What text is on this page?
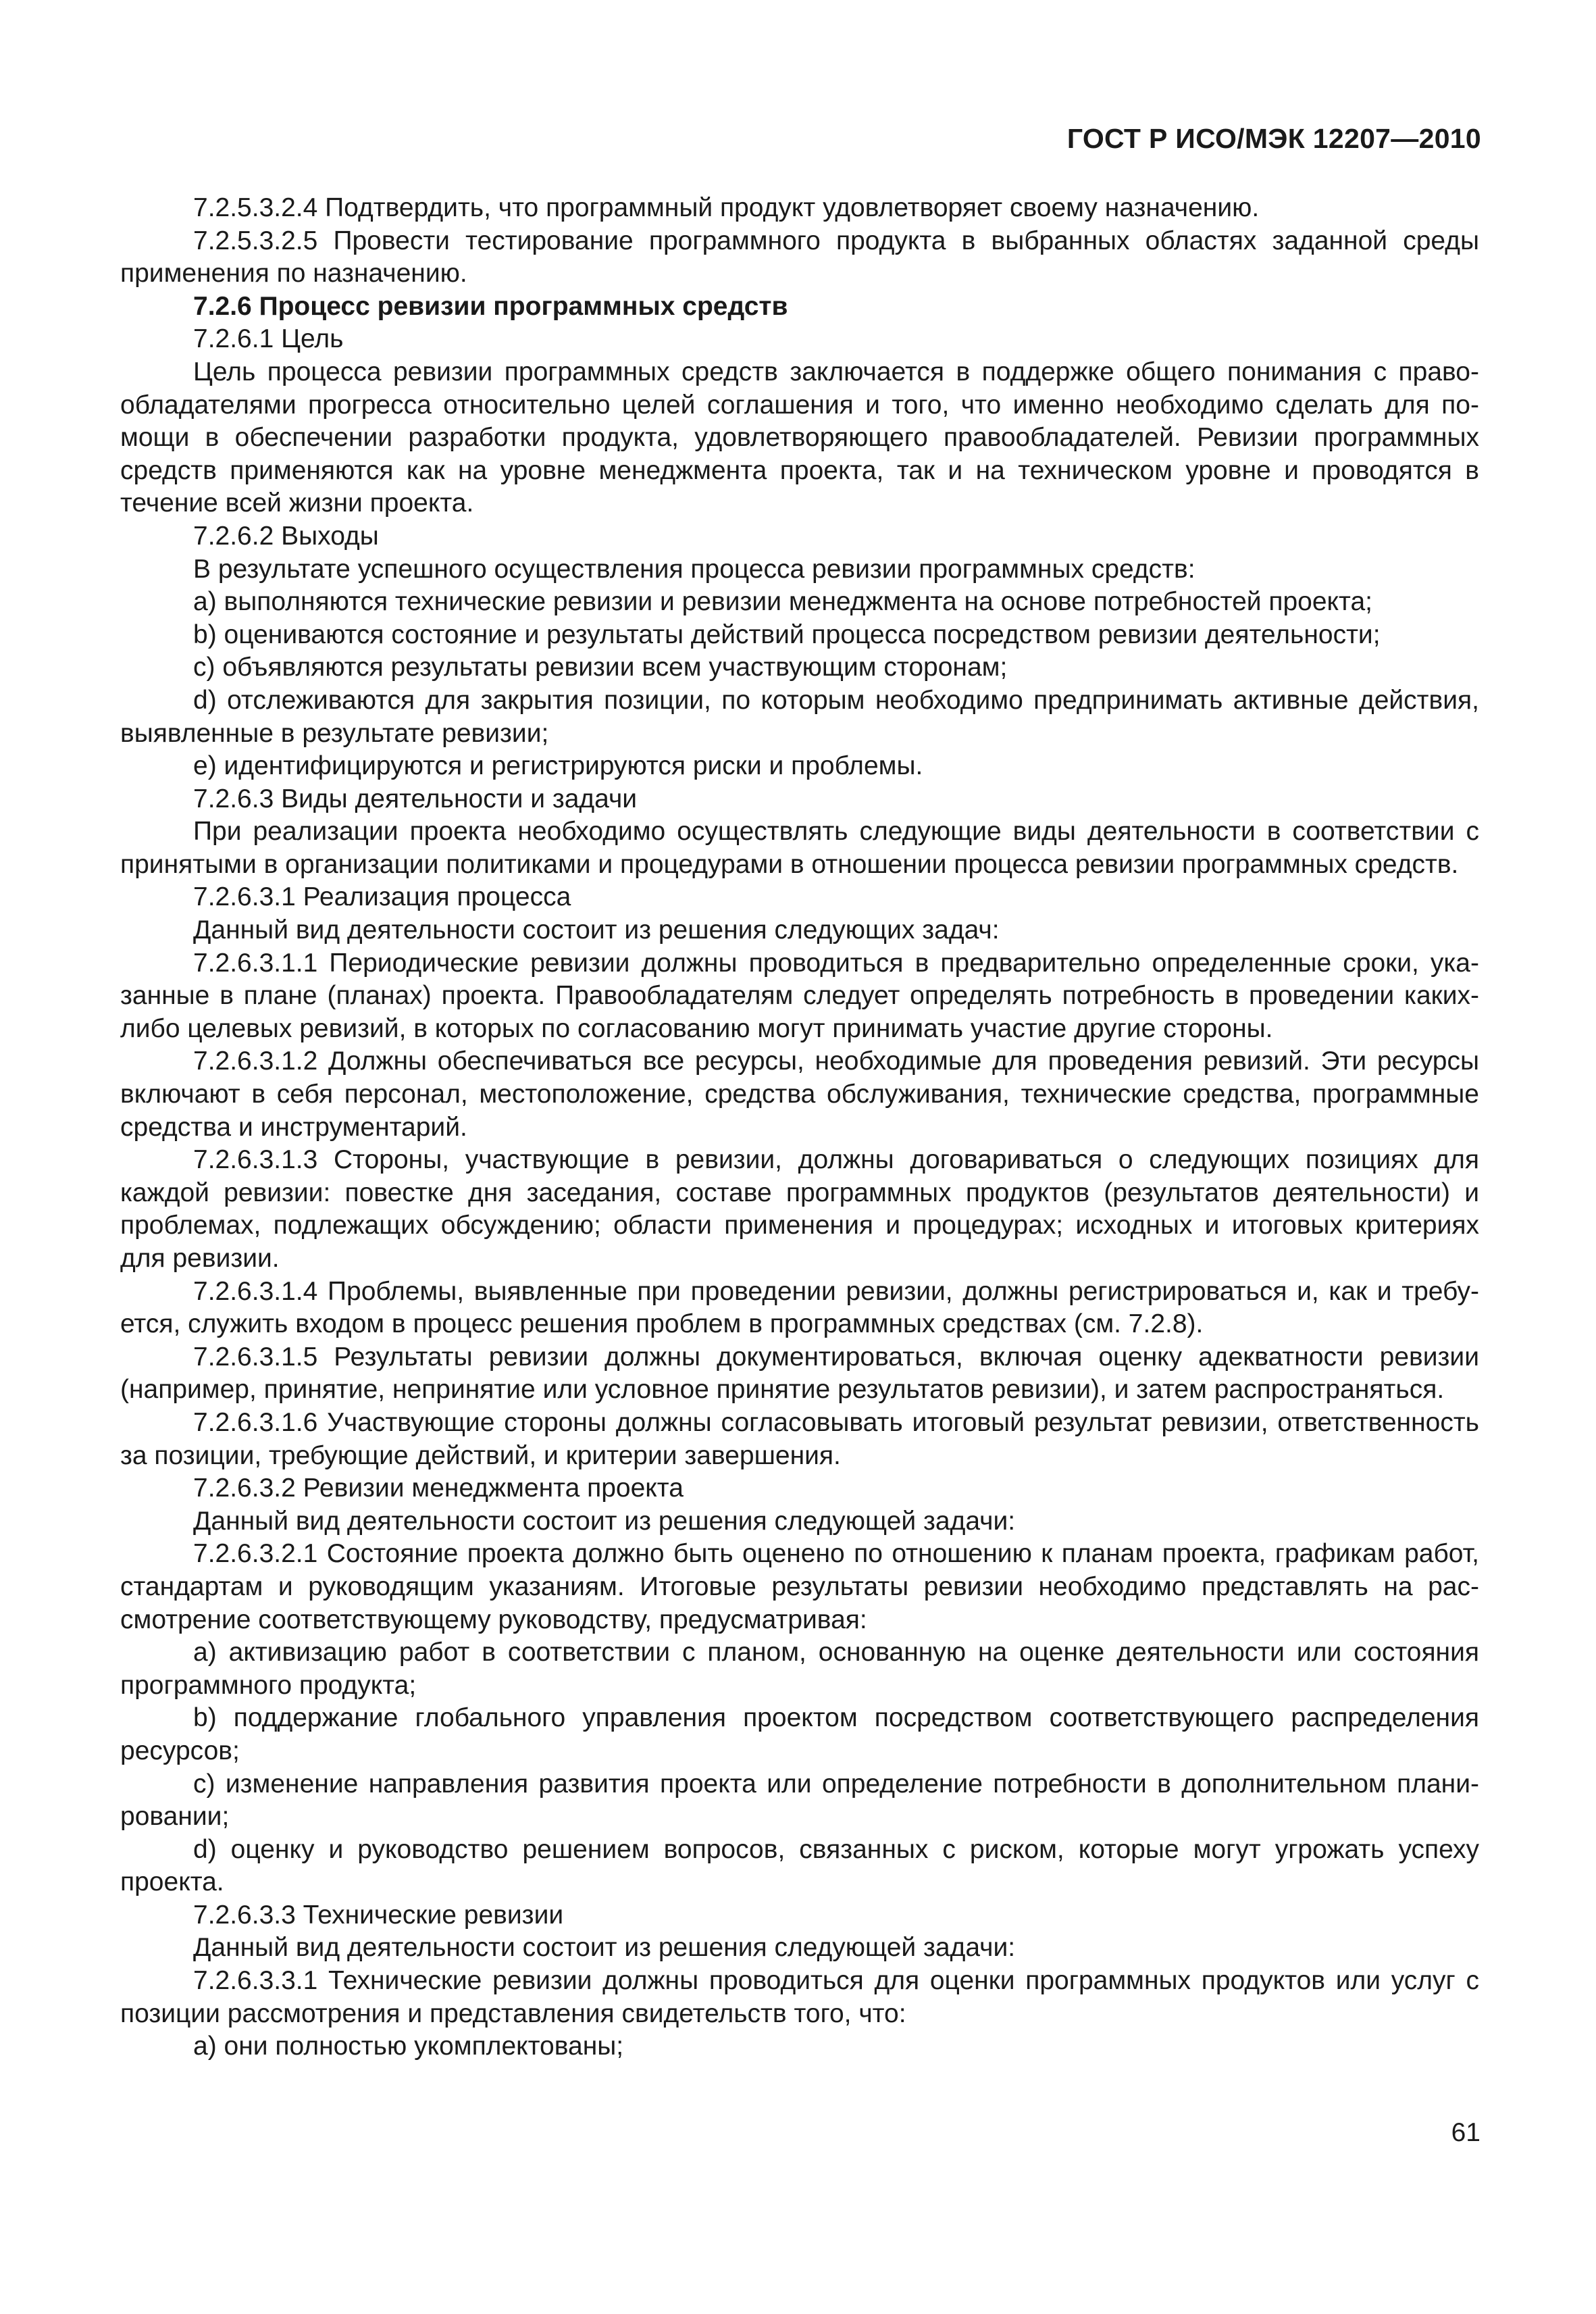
ГОСТ Р ИСО/МЭК 12207—2010

7.2.5.3.2.4 Подтвердить, что программный продукт удовлетворяет своему назначению.

7.2.5.3.2.5 Провести тестирование программного продукта в выбранных областях заданной среды применения по назначению.

7.2.6 Процесс ревизии программных средств

7.2.6.1 Цель

Цель процесса ревизии программных средств заключается в поддержке общего понимания с правообладателями прогресса относительно целей соглашения и того, что именно необходимо сделать для помощи в обеспечении разработки продукта, удовлетворяющего правообладателей. Ревизии программных средств применяются как на уровне менеджмента проекта, так и на техническом уровне и проводятся в течение всей жизни проекта.

7.2.6.2 Выходы

В результате успешного осуществления процесса ревизии программных средств:

a) выполняются технические ревизии и ревизии менеджмента на основе потребностей проекта;

b) оцениваются состояние и результаты действий процесса посредством ревизии деятельности;

c) объявляются результаты ревизии всем участвующим сторонам;

d) отслеживаются для закрытия позиции, по которым необходимо предпринимать активные действия, выявленные в результате ревизии;

e) идентифицируются и регистрируются риски и проблемы.

7.2.6.3 Виды деятельности и задачи

При реализации проекта необходимо осуществлять следующие виды деятельности в соответствии с принятыми в организации политиками и процедурами в отношении процесса ревизии программных средств.

7.2.6.3.1 Реализация процесса

Данный вид деятельности состоит из решения следующих задач:

7.2.6.3.1.1 Периодические ревизии должны проводиться в предварительно определенные сроки, указанные в плане (планах) проекта. Правообладателям следует определять потребность в проведении каких-либо целевых ревизий, в которых по согласованию могут принимать участие другие стороны.

7.2.6.3.1.2 Должны обеспечиваться все ресурсы, необходимые для проведения ревизий. Эти ресурсы включают в себя персонал, местоположение, средства обслуживания, технические средства, программные средства и инструментарий.

7.2.6.3.1.3 Стороны, участвующие в ревизии, должны договариваться о следующих позициях для каждой ревизии: повестке дня заседания, составе программных продуктов (результатов деятельности) и проблемах, подлежащих обсуждению; области применения и процедурах; исходных и итоговых критериях для ревизии.

7.2.6.3.1.4 Проблемы, выявленные при проведении ревизии, должны регистрироваться и, как и требуется, служить входом в процесс решения проблем в программных средствах (см. 7.2.8).

7.2.6.3.1.5 Результаты ревизии должны документироваться, включая оценку адекватности ревизии (например, принятие, непринятие или условное принятие результатов ревизии), и затем распространяться.

7.2.6.3.1.6 Участвующие стороны должны согласовывать итоговый результат ревизии, ответственность за позиции, требующие действий, и критерии завершения.

7.2.6.3.2 Ревизии менеджмента проекта

Данный вид деятельности состоит из решения следующей задачи:

7.2.6.3.2.1 Состояние проекта должно быть оценено по отношению к планам проекта, графикам работ, стандартам и руководящим указаниям. Итоговые результаты ревизии необходимо представлять на рассмотрение соответствующему руководству, предусматривая:

a) активизацию работ в соответствии с планом, основанную на оценке деятельности или состояния программного продукта;

b) поддержание глобального управления проектом посредством соответствующего распределения ресурсов;

c) изменение направления развития проекта или определение потребности в дополнительном планировании;

d) оценку и руководство решением вопросов, связанных с риском, которые могут угрожать успеху проекта.

7.2.6.3.3 Технические ревизии

Данный вид деятельности состоит из решения следующей задачи:

7.2.6.3.3.1 Технические ревизии должны проводиться для оценки программных продуктов или услуг с позиции рассмотрения и представления свидетельств того, что:

a) они полностью укомплектованы;

61
